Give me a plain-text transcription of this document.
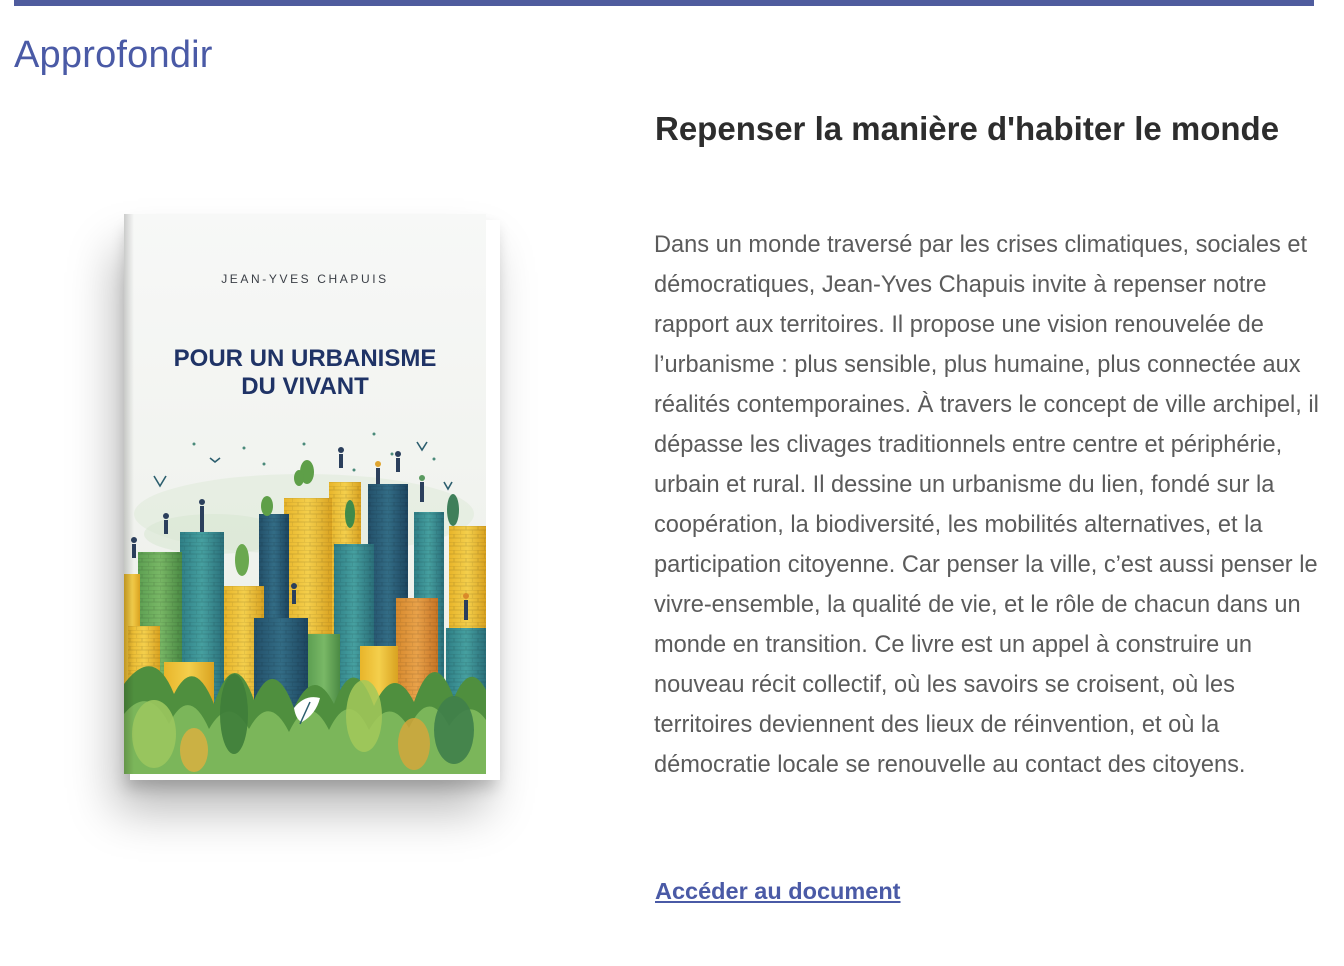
Approfondir
JEAN-YVES CHAPUIS
POUR UN URBANISME
DU VIVANT
Repenser la manière d'habiter le monde

Dans un monde traversé par les crises climatiques, sociales et démocratiques, Jean-Yves Chapuis invite à repenser notre rapport aux territoires. Il propose une vision renouvelée de l’urbanisme : plus sensible, plus humaine, plus connectée aux réalités contemporaines. À travers le concept de ville archipel, il dépasse les clivages traditionnels entre centre et périphérie, urbain et rural. Il dessine un urbanisme du lien, fondé sur la coopération, la biodiversité, les mobilités alternatives, et la participation citoyenne. Car penser la ville, c’est aussi penser le vivre-ensemble, la qualité de vie, et le rôle de chacun dans un monde en transition. Ce livre est un appel à construire un nouveau récit collectif, où les savoirs se croisent, où les territoires deviennent des lieux de réinvention, et où la démocratie locale se renouvelle au contact des citoyens.

Accéder au document
